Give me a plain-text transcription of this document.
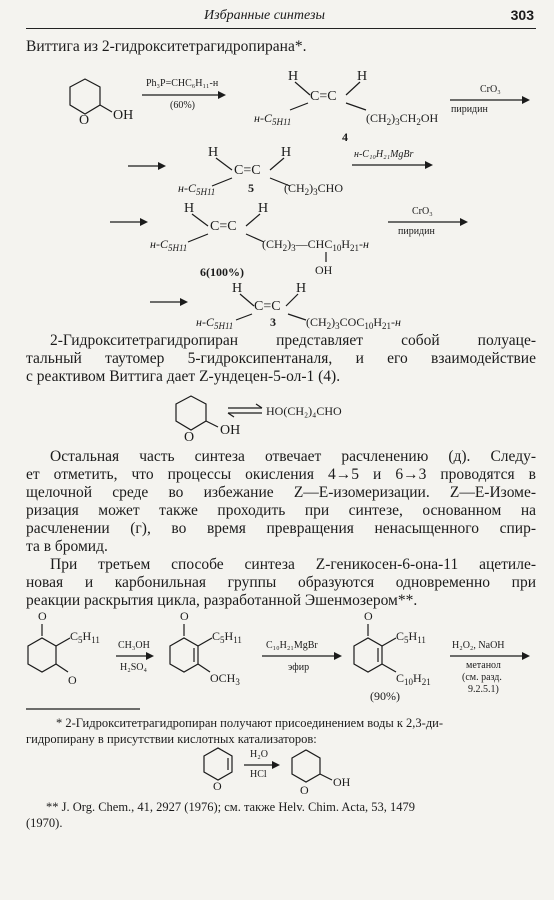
Избранные синтезы	303
Виттига из 2-гидрокситетрагидропирана*.
O OH
Ph₃P=CHC₆H₁₁-н
(60%)
H	H
C=C
$н-C_5H11$	$(CH_2)_3CH_2OH$
4
CrO₃
пиридин
H	H
C=C
$н-C_5H11$	5	$(CH_2)_3CHO$
н-C₁₀H₂₁MgBr
H	H
C=C
$н-C_5H11$	$(CH_2)_3—CHC_{10}H_{21}-н$
OH
6(100%)
CrO₃
пиридин
H	H
C=C
$н-C_5H11$	3	$(CH_2)_3COC_{10}H_{21}-н$
O OH
HO(CH₂)₄CHO
O
$C_5H_{11}$
O
CH₃OH
H₂SO₄
O
$C_5H_{11}$
$OCH_3$
C₁₀H₂₁MgBr
эфир
O
$C_5H_{11}$
$C_{10}H_{21}$
(90%)
H₂O₂, NaOH
метанол
(см. разд.
9.2.5.1)
O
H₂O
HCl
O
OH
2-Гидрокситетрагидропиран представляет собой полуаце-
тальный таутомер 5-гидроксипентаналя, и его взаимодействие
с реактивом Виттига дает Z-ундецен-5-ол-1 (4).
Остальная часть синтеза отвечает расчленению (д). Следу-
ет отметить, что процессы окисления 4→5 и 6→3 проводятся в
щелочной среде во избежание Z—E-изомеризации. Z—E-Изоме-
ризация может также проходить при синтезе, основанном на
расчленении (г), во время превращения ненасыщенного спир-
та в бромид.
При третьем способе синтеза Z-геникосен-6-она-11 ацетиле-
новая и карбонильная группы образуются одновременно при
реакции раскрытия цикла, разработанной Эшенмозером**.
* 2-Гидрокситетрагидропиран получают присоединением воды к 2,3-ди-
гидропирану в присутствии кислотных катализаторов:
** J. Org. Chem., 41, 2927 (1976); см. также Helv. Chim. Acta, 53, 1479
(1970).
